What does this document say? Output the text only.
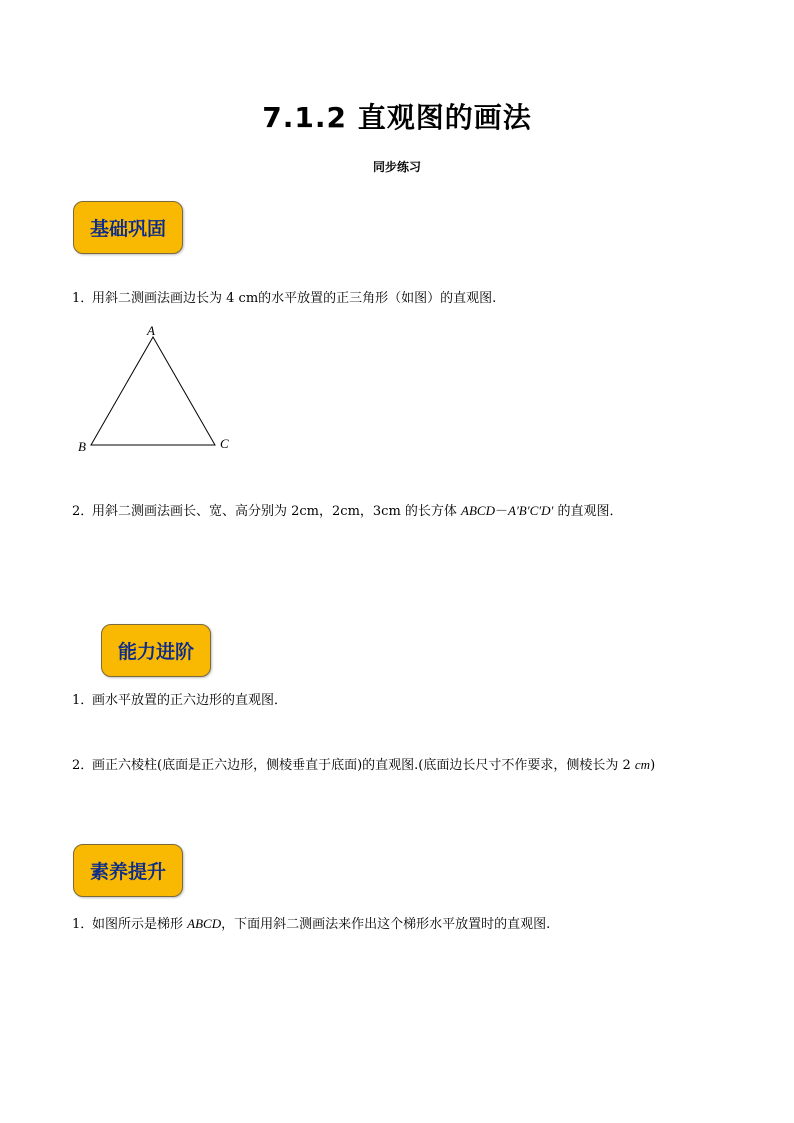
7.1.2 直观图的画法
同步练习
基础巩固
1．用斜二测画法画边长为 4 cm的水平放置的正三角形（如图）的直观图.
A
B	C
2．用斜二测画法画长、宽、高分别为 2cm，2cm，3cm 的长方体 ABCD－A′B′C′D′ 的直观图．
能力进阶
1．画水平放置的正六边形的直观图．
2．画正六棱柱(底面是正六边形，侧棱垂直于底面)的直观图.(底面边长尺寸不作要求，侧棱长为 2 cm)
素养提升
1．如图所示是梯形 ABCD，下面用斜二测画法来作出这个梯形水平放置时的直观图.
